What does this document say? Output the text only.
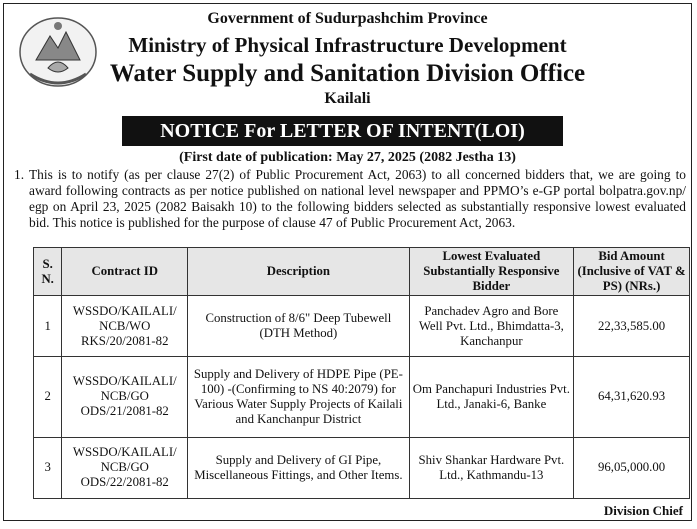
Government of Sudurpashchim Province
Ministry of Physical Infrastructure Development
Water Supply and Sanitation Division Office
Kailali
NOTICE For LETTER OF INTENT(LOI)
(First date of publication: May 27, 2025 (2082 Jestha 13)
1. This is to notify (as per clause 27(2) of Public Procurement Act, 2063) to all concerned bidders that, we are going to award following contracts as per notice published on national level newspaper and PPMO’s e-GP portal bolpatra.gov.np/ egp on April 23, 2025 (2082 Baisakh 10) to the following bidders selected as substantially responsive lowest evaluated bid. This notice is published for the purpose of clause 47 of Public Procurement Act, 2063.
S. N.	Contract ID	Description	Lowest Evaluated Substantially Responsive Bidder	Bid Amount (Inclusive of VAT & PS) (NRs.)
1	WSSDO/KAILALI/ NCB/WO RKS/20/2081-82	Construction of 8/6" Deep Tubewell (DTH Method)	Panchadev Agro and Bore Well Pvt. Ltd., Bhimdatta-3, Kanchanpur	22,33,585.00
2	WSSDO/KAILALI/ NCB/GO ODS/21/2081-82	Supply and Delivery of HDPE Pipe (PE-100) -(Confirming to NS 40:2079) for Various Water Supply Projects of Kailali and Kanchanpur District	Om Panchapuri Industries Pvt. Ltd., Janaki-6, Banke	64,31,620.93
3	WSSDO/KAILALI/ NCB/GO ODS/22/2081-82	Supply and Delivery of GI Pipe, Miscellaneous Fittings, and Other Items.	Shiv Shankar Hardware Pvt. Ltd., Kathmandu-13	96,05,000.00
Division Chief
